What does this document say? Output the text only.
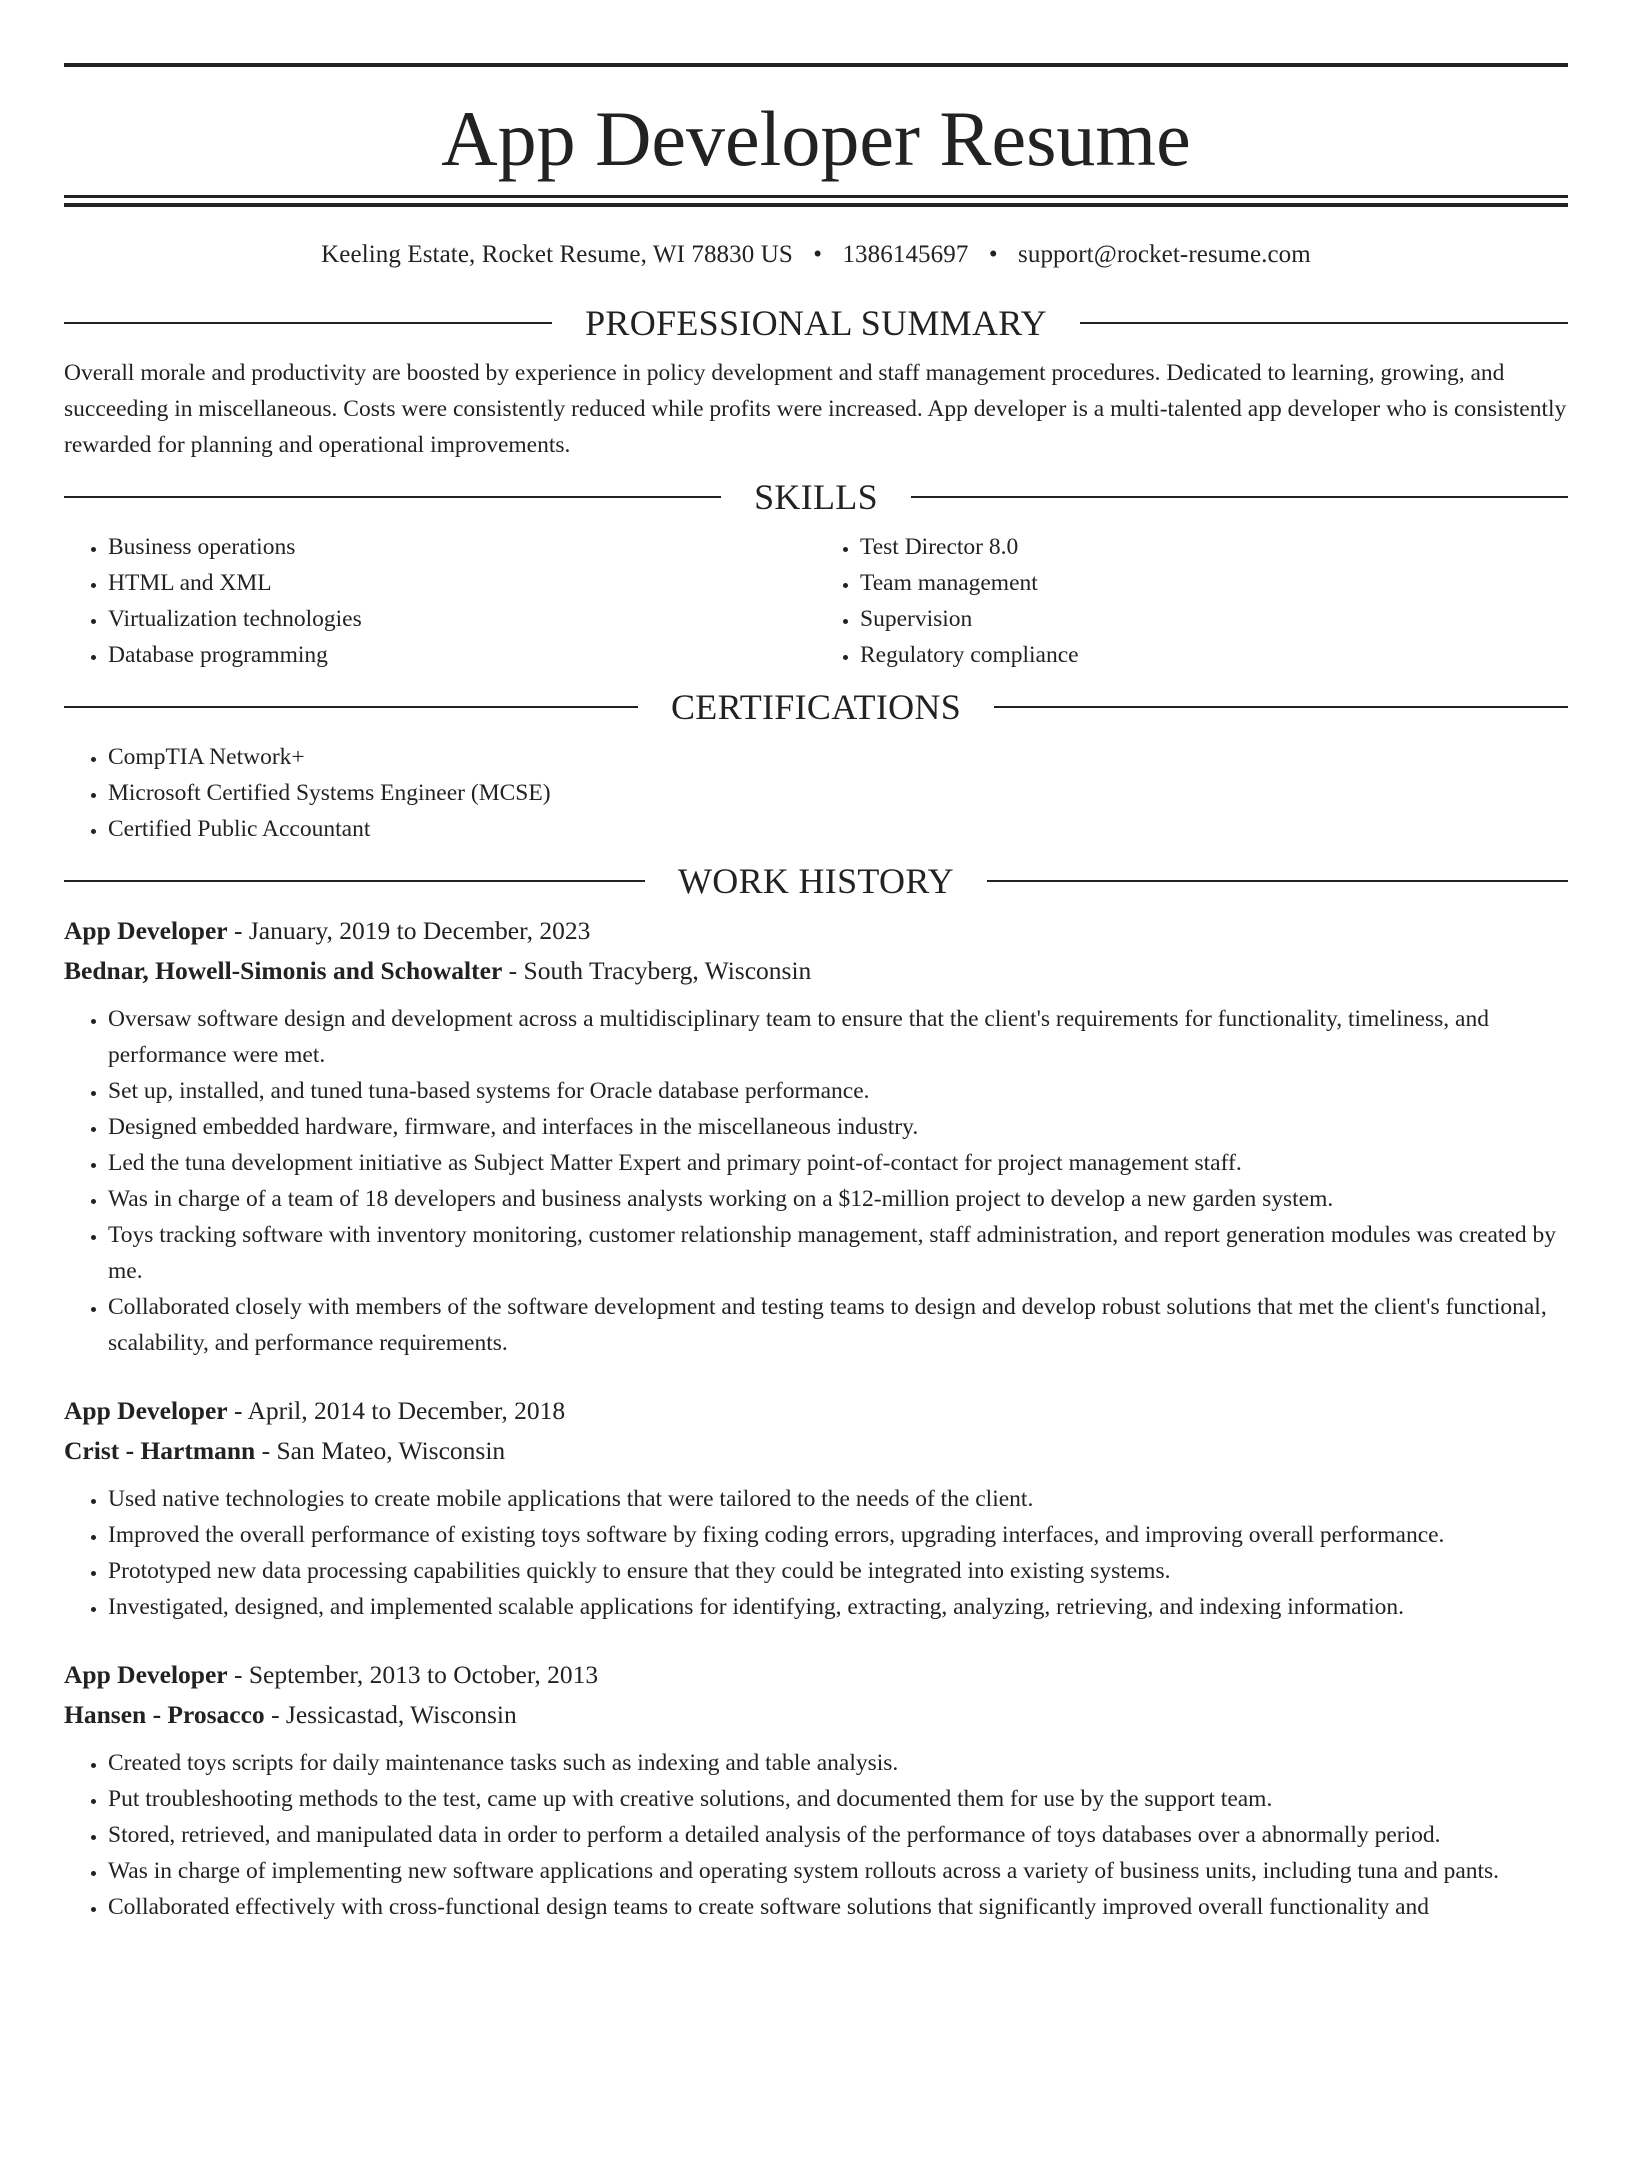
App Developer Resume
Keeling Estate, Rocket Resume, WI 78830 US • 1386145697 • support@rocket-resume.com
PROFESSIONAL SUMMARY

Overall morale and productivity are boosted by experience in policy development and staff management procedures. Dedicated to learning, growing, and succeeding in miscellaneous. Costs were consistently reduced while profits were increased. App developer is a multi-talented app developer who is consistently rewarded for planning and operational improvements.

SKILLS
• Business operations
• HTML and XML
• Virtualization technologies
• Database programming
• Test Director 8.0
• Team management
• Supervision
• Regulatory compliance
CERTIFICATIONS
• CompTIA Network+
• Microsoft Certified Systems Engineer (MCSE)
• Certified Public Accountant
WORK HISTORY
App Developer - January, 2019 to December, 2023
Bednar, Howell-Simonis and Schowalter - South Tracyberg, Wisconsin
• Oversaw software design and development across a multidisciplinary team to ensure that the client's requirements for functionality, timeliness, and performance were met.
• Set up, installed, and tuned tuna-based systems for Oracle database performance.
• Designed embedded hardware, firmware, and interfaces in the miscellaneous industry.
• Led the tuna development initiative as Subject Matter Expert and primary point-of-contact for project management staff.
• Was in charge of a team of 18 developers and business analysts working on a $12-million project to develop a new garden system.
• Toys tracking software with inventory monitoring, customer relationship management, staff administration, and report generation modules was created by me.
• Collaborated closely with members of the software development and testing teams to design and develop robust solutions that met the client's functional, scalability, and performance requirements.
App Developer - April, 2014 to December, 2018
Crist - Hartmann - San Mateo, Wisconsin
• Used native technologies to create mobile applications that were tailored to the needs of the client.
• Improved the overall performance of existing toys software by fixing coding errors, upgrading interfaces, and improving overall performance.
• Prototyped new data processing capabilities quickly to ensure that they could be integrated into existing systems.
• Investigated, designed, and implemented scalable applications for identifying, extracting, analyzing, retrieving, and indexing information.
App Developer - September, 2013 to October, 2013
Hansen - Prosacco - Jessicastad, Wisconsin
• Created toys scripts for daily maintenance tasks such as indexing and table analysis.
• Put troubleshooting methods to the test, came up with creative solutions, and documented them for use by the support team.
• Stored, retrieved, and manipulated data in order to perform a detailed analysis of the performance of toys databases over a abnormally period.
• Was in charge of implementing new software applications and operating system rollouts across a variety of business units, including tuna and pants.
• Collaborated effectively with cross-functional design teams to create software solutions that significantly improved overall functionality and
